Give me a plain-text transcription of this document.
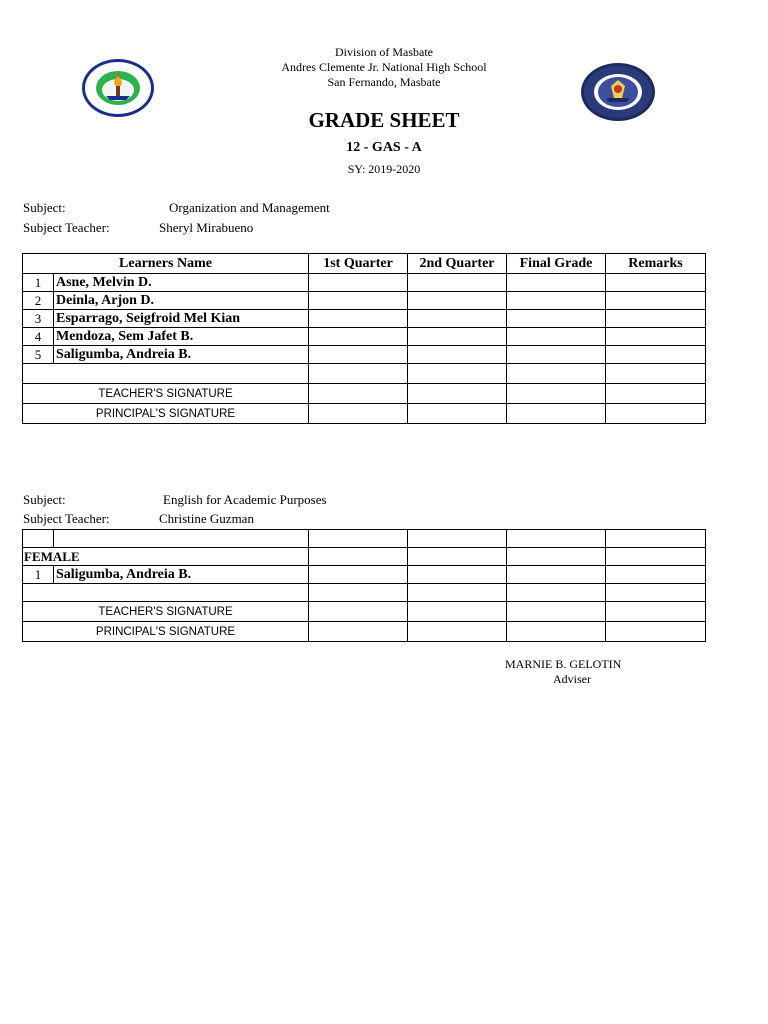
Division of Masbate
Andres Clemente Jr. National High School
San Fernando, Masbate
GRADE SHEET
12 - GAS - A
SY: 2019-2020
Subject:	Organization and Management
Subject Teacher:	Sheryl Mirabueno
Learners Name		1st Quarter	2nd Quarter	Final Grade	Remarks
1	Asne, Melvin D.				
2	Deinla, Arjon D.				
3	Esparrago, Seigfroid Mel Kian				
4	Mendoza, Sem Jafet B.				
5	Saligumba, Andreia B.				

TEACHER'S SIGNATURE					
PRINCIPAL'S SIGNATURE					
Subject:	English for Academic Purposes
Subject Teacher:	Christine Guzman

FEMALE					
1	Saligumba, Andreia B.				

TEACHER'S SIGNATURE					
PRINCIPAL'S SIGNATURE					
MARNIE B. GELOTIN
Adviser
